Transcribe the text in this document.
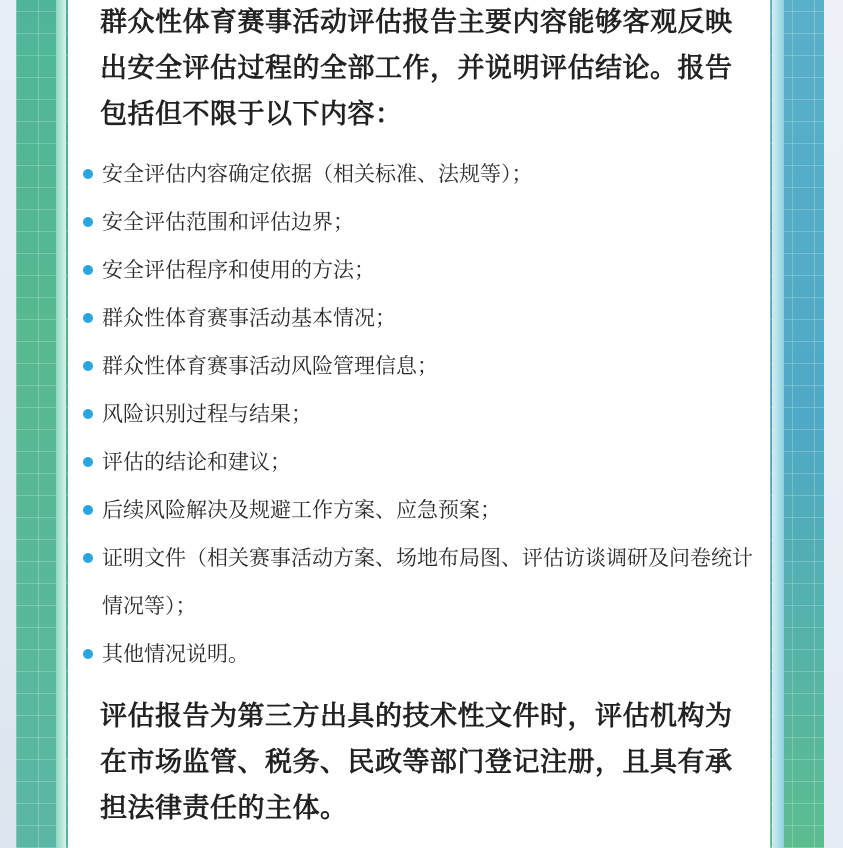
群众性体育赛事活动评估报告主要内容能够客观反映出安全评估过程的全部工作，并说明评估结论。报告包括但不限于以下内容：
安全评估内容确定依据（相关标准、法规等）；
安全评估范围和评估边界；
安全评估程序和使用的方法；
群众性体育赛事活动基本情况；
群众性体育赛事活动风险管理信息；
风险识别过程与结果；
评估的结论和建议；
后续风险解决及规避工作方案、应急预案；
证明文件（相关赛事活动方案、场地布局图、评估访谈调研及问卷统计情况等）；
其他情况说明。
评估报告为第三方出具的技术性文件时，评估机构为在市场监管、税务、民政等部门登记注册，且具有承担法律责任的主体。
